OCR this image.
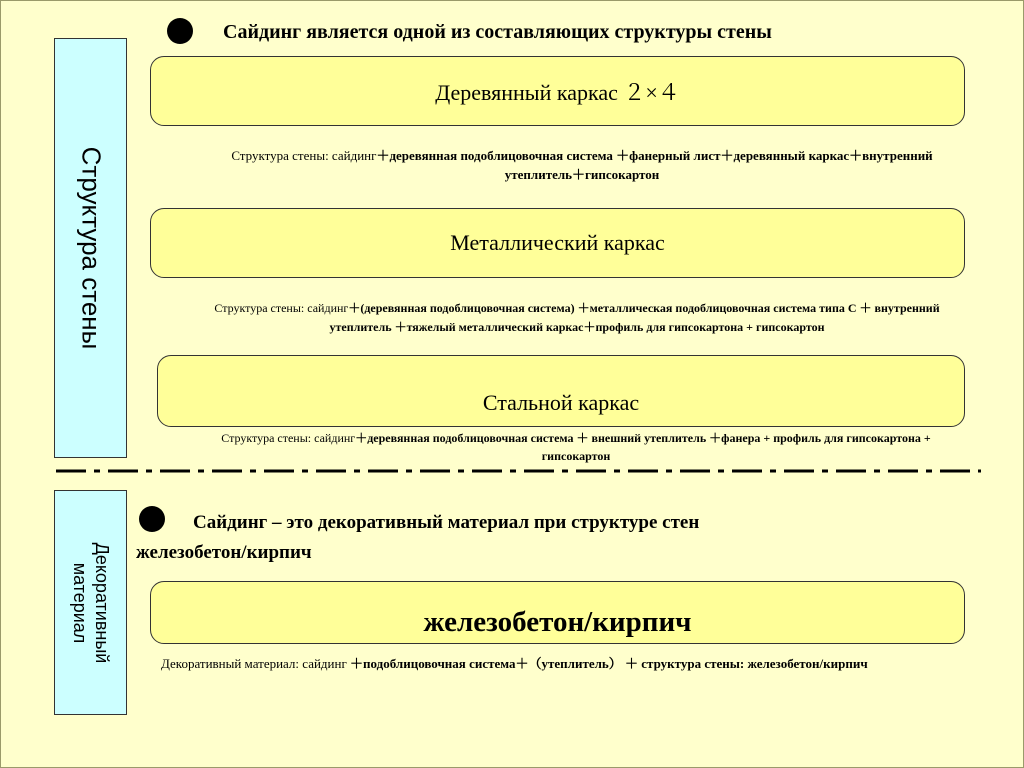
Структура стены
Сайдинг является одной из составляющих структуры стены
Деревянный каркас ２×４
Структура стены: сайдинг＋деревянная подоблицовочная система ＋фанерный лист＋деревянный каркас＋внутренний утеплитель＋гипсокартон
Металлический каркас
Структура стены: сайдинг＋(деревянная подоблицовочная система) ＋металлическая подоблицовочная система типа С ＋ внутренний утеплитель ＋тяжелый металлический каркас＋профиль для гипсокартона + гипсокартон
Стальной каркас
Структура стены: сайдинг＋деревянная подоблицовочная система ＋ внешний утеплитель ＋фанера + профиль для гипсокартона + гипсокартон
Декоративный
материал
Сайдинг – это декоративный материал при структуре стен
железобетон/кирпич
железобетон/кирпич
Декоративный материал: сайдинг ＋подоблицовочная система＋（утеплитель） ＋ структура стены: железобетон/кирпич
